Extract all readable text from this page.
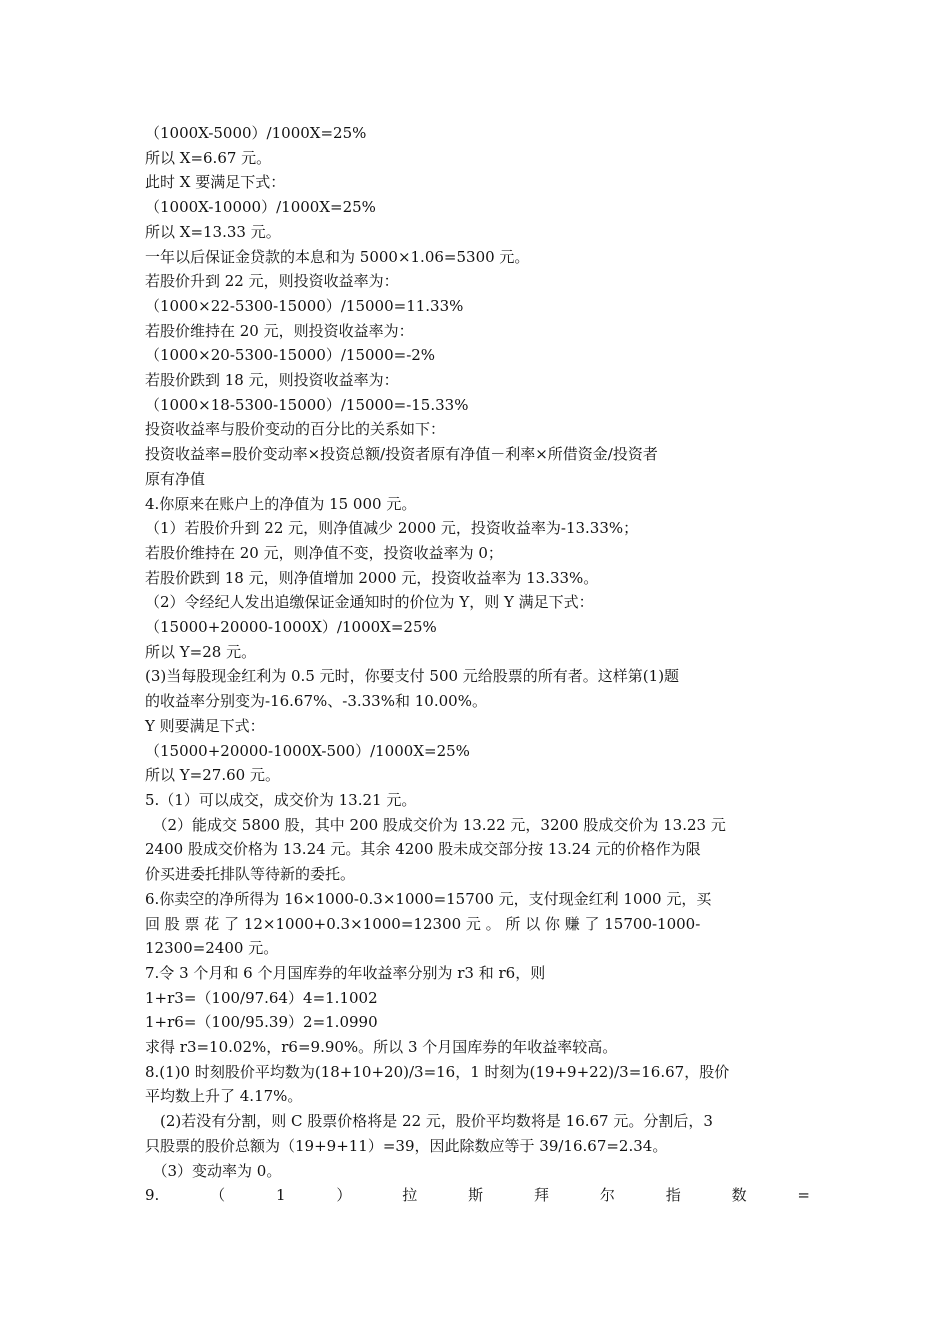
（1000X-5000）/1000X=25%
所以 X=6.67 元。
此时 X 要满足下式：
（1000X-10000）/1000X=25%
所以 X=13.33 元。
一年以后保证金贷款的本息和为 5000×1.06=5300 元。
若股价升到 22 元，则投资收益率为：
（1000×22-5300-15000）/15000=11.33%
若股价维持在 20 元，则投资收益率为：
（1000×20-5300-15000）/15000=-2%
若股价跌到 18 元，则投资收益率为：
（1000×18-5300-15000）/15000=-15.33%
投资收益率与股价变动的百分比的关系如下：
投资收益率=股价变动率×投资总额/投资者原有净值－利率×所借资金/投资者
原有净值
4.你原来在账户上的净值为 15 000 元。
（1）若股价升到 22 元，则净值减少 2000 元，投资收益率为-13.33%；
若股价维持在 20 元，则净值不变，投资收益率为 0；
若股价跌到 18 元，则净值增加 2000 元，投资收益率为 13.33%。
（2）令经纪人发出追缴保证金通知时的价位为 Y，则 Y 满足下式：
（15000+20000-1000X）/1000X=25%
所以 Y=28 元。
(3)当每股现金红利为 0.5 元时，你要支付 500 元给股票的所有者。这样第(1)题
的收益率分别变为-16.67%、-3.33%和 10.00%。
Y 则要满足下式：
（15000+20000-1000X-500）/1000X=25%
所以 Y=27.60 元。
5.（1）可以成交，成交价为 13.21 元。
　（2）能成交 5800 股，其中 200 股成交价为 13.22 元，3200 股成交价为 13.23 元
2400 股成交价格为 13.24 元。其余 4200 股未成交部分按 13.24 元的价格作为限
价买进委托排队等待新的委托。
6.你卖空的净所得为 16×1000-0.3×1000=15700 元，支付现金红利 1000 元，买
回 股 票 花 了 12×1000+0.3×1000=12300 元 。 所 以 你 赚 了 15700-1000-
12300=2400 元。
7.令 3 个月和 6 个月国库券的年收益率分别为 r3 和 r6，则
1+r3=（100/97.64）4=1.1002
1+r6=（100/95.39）2=1.0990
求得 r3=10.02%，r6=9.90%。所以 3 个月国库券的年收益率较高。
8.(1)0 时刻股价平均数为(18+10+20)/3=16，1 时刻为(19+9+22)/3=16.67，股价
平均数上升了 4.17%。
　(2)若没有分割，则 C 股票价格将是 22 元，股价平均数将是 16.67 元。分割后，3
只股票的股价总额为（19+9+11）=39，因此除数应等于 39/16.67=2.34。
　（3）变动率为 0。
9.	（	1	）	拉	斯	拜	尔	指	数	=
